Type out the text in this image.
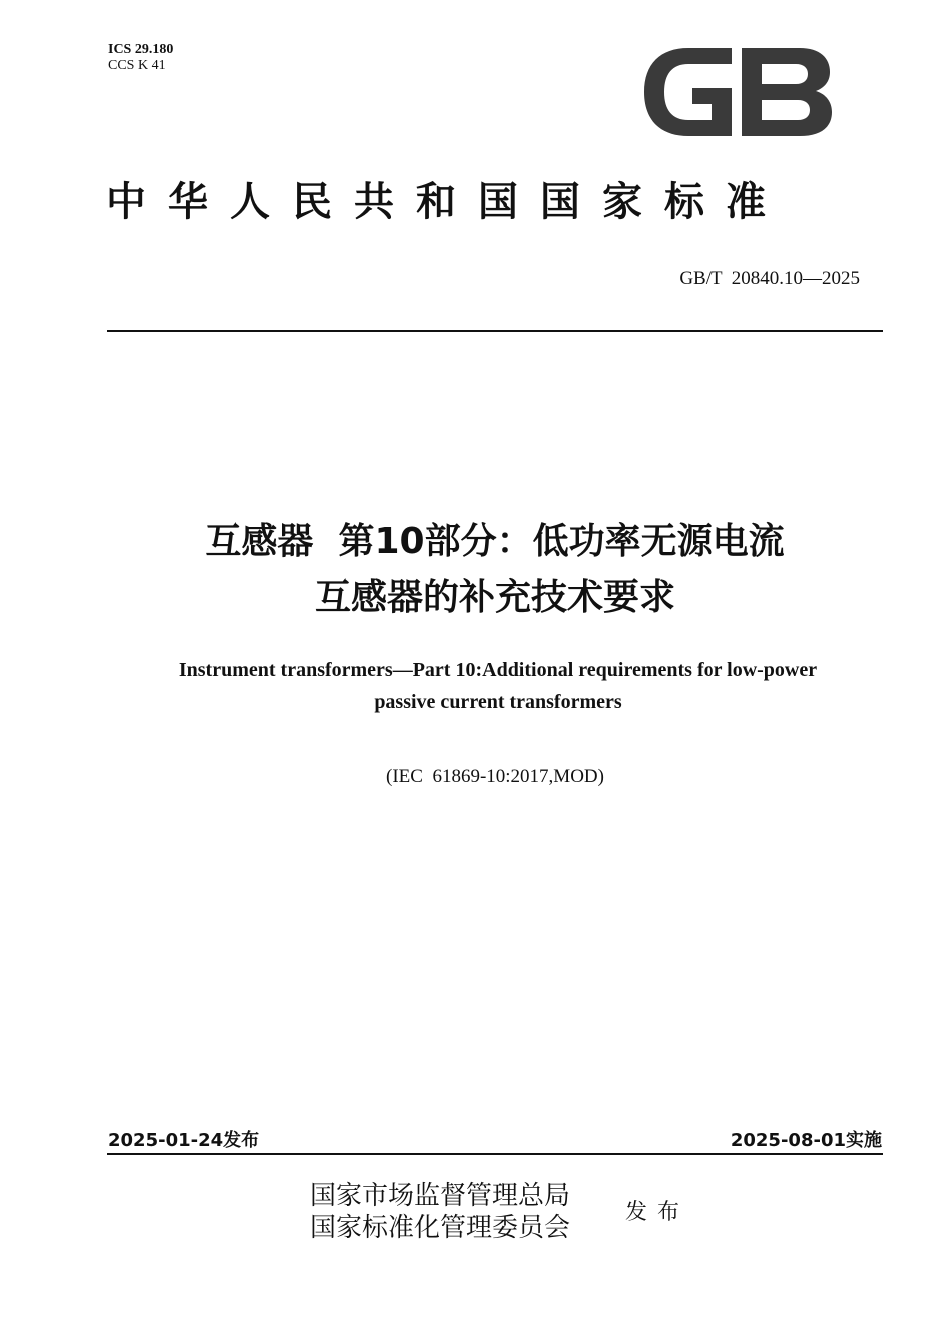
ICS 29.180
CCS K 41
中华人民共和国国家标准
GB/T  20840.10—2025
互感器  第10部分：低功率无源电流
互感器的补充技术要求
Instrument transformers—Part 10:Additional requirements for low-power
passive current transformers
(IEC  61869-10:2017,MOD)
2025-01-24发布	2025-08-01实施
国家市场监督管理总局
国家标准化管理委员会
发布
